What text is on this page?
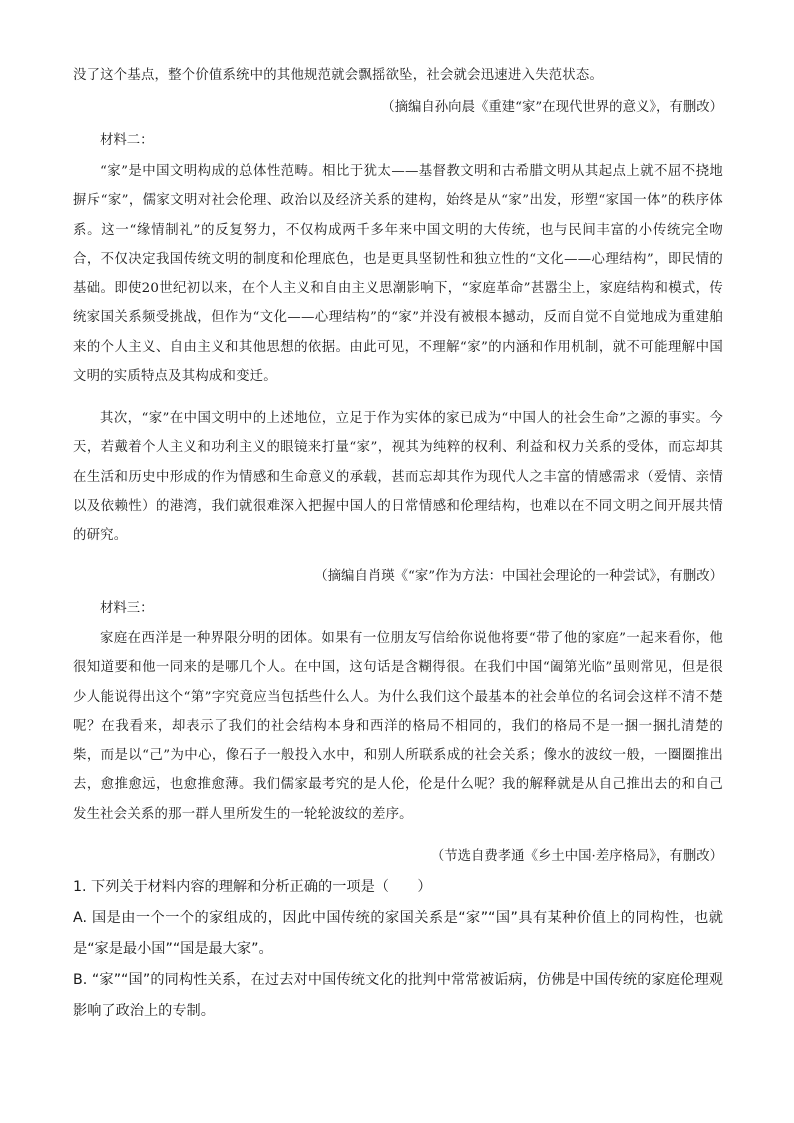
没了这个基点，整个价值系统中的其他规范就会飘摇欲坠，社会就会迅速进入失范状态。

（摘编自孙向晨《重建“家”在现代世界的意义》，有删改）

材料二：

“家”是中国文明构成的总体性范畴。相比于犹太——基督教文明和古希腊文明从其起点上就不屈不挠地摒斥“家”，儒家文明对社会伦理、政治以及经济关系的建构，始终是从“家”出发，形塑“家国一体”的秩序体系。这一“缘情制礼”的反复努力，不仅构成两千多年来中国文明的大传统，也与民间丰富的小传统完全吻合，不仅决定我国传统文明的制度和伦理底色，也是更具坚韧性和独立性的“文化——心理结构”，即民情的基础。即使20世纪初以来，在个人主义和自由主义思潮影响下，“家庭革命”甚嚣尘上，家庭结构和模式，传统家国关系频受挑战，但作为“文化——心理结构”的“家”并没有被根本撼动，反而自觉不自觉地成为重建舶来的个人主义、自由主义和其他思想的依据。由此可见，不理解“家”的内涵和作用机制，就不可能理解中国文明的实质特点及其构成和变迁。

其次，“家”在中国文明中的上述地位，立足于作为实体的家已成为“中国人的社会生命”之源的事实。今天，若戴着个人主义和功利主义的眼镜来打量“家”，视其为纯粹的权利、利益和权力关系的受体，而忘却其在生活和历史中形成的作为情感和生命意义的承载，甚而忘却其作为现代人之丰富的情感需求（爱情、亲情以及依赖性）的港湾，我们就很难深入把握中国人的日常情感和伦理结构，也难以在不同文明之间开展共情的研究。

（摘编自肖瑛《“家”作为方法：中国社会理论的一种尝试》，有删改）

材料三：

家庭在西洋是一种界限分明的团体。如果有一位朋友写信给你说他将要“带了他的家庭”一起来看你，他很知道要和他一同来的是哪几个人。在中国，这句话是含糊得很。在我们中国“阖第光临”虽则常见，但是很少人能说得出这个“第”字究竟应当包括些什么人。为什么我们这个最基本的社会单位的名词会这样不清不楚呢？在我看来，却表示了我们的社会结构本身和西洋的格局不相同的，我们的格局不是一捆一捆扎清楚的柴，而是以“己”为中心，像石子一般投入水中，和别人所联系成的社会关系；像水的波纹一般，一圈圈推出去，愈推愈远，也愈推愈薄。我们儒家最考究的是人伦，伦是什么呢？我的解释就是从自己推出去的和自己发生社会关系的那一群人里所发生的一轮轮波纹的差序。

（节选自费孝通《乡土中国·差序格局》，有删改）

1. 下列关于材料内容的理解和分析正确的一项是（　　）
A. 国是由一个一个的家组成的，因此中国传统的家国关系是“家”“国”具有某种价值上的同构性，也就是“家是最小国”“国是最大家”。
B. “家”“国”的同构性关系，在过去对中国传统文化的批判中常常被诟病，仿佛是中国传统的家庭伦理观影响了政治上的专制。
